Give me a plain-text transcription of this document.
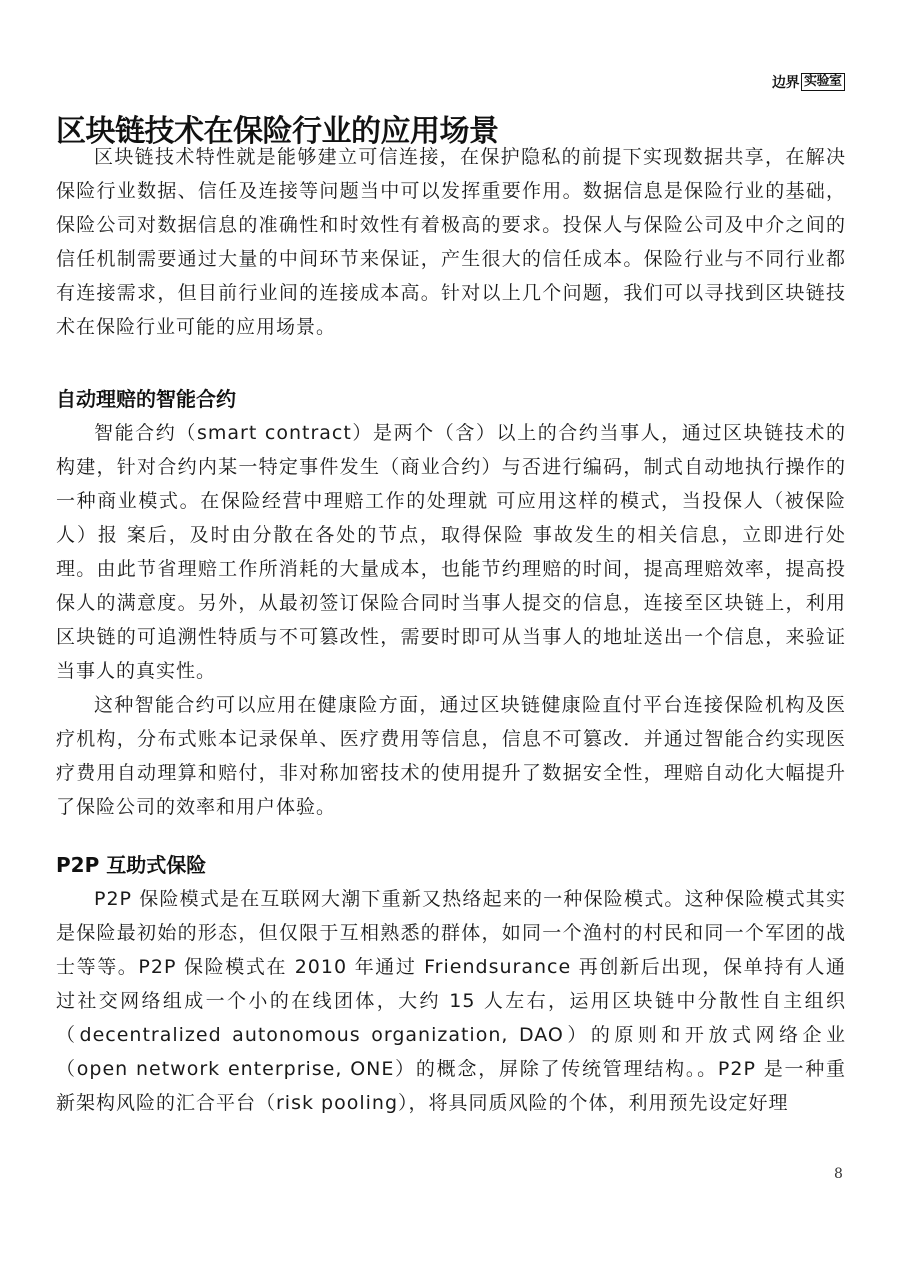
边界 实验室
区块链技术在保险行业的应用场景

区块链技术特性就是能够建立可信连接，在保护隐私的前提下实现数据共享，在解决保险行业数据、信任及连接等问题当中可以发挥重要作用。数据信息是保险行业的基础，保险公司对数据信息的准确性和时效性有着极高的要求。投保人与保险公司及中介之间的信任机制需要通过大量的中间环节来保证，产生很大的信任成本。保险行业与不同行业都有连接需求，但目前行业间的连接成本高。针对以上几个问题，我们可以寻找到区块链技术在保险行业可能的应用场景。

自动理赔的智能合约

智能合约（smart contract）是两个（含）以上的合约当事人，通过区块链技术的构建，针对合约内某一特定事件发生（商业合约）与否进行编码，制式自动地执行操作的一种商业模式。在保险经营中理赔工作的处理就 可应用这样的模式，当投保人（被保险人）报 案后，及时由分散在各处的节点，取得保险 事故发生的相关信息，立即进行处理。由此节省理赔工作所消耗的大量成本，也能节约理赔的时间，提高理赔效率，提高投保人的满意度。另外，从最初签订保险合同时当事人提交的信息，连接至区块链上，利用区块链的可追溯性特质与不可篡改性，需要时即可从当事人的地址送出一个信息，来验证当事人的真实性。

这种智能合约可以应用在健康险方面，通过区块链健康险直付平台连接保险机构及医疗机构，分布式账本记录保单、医疗费用等信息，信息不可篡改．并通过智能合约实现医疗费用自动理算和赔付，非对称加密技术的使用提升了数据安全性，理赔自动化大幅提升了保险公司的效率和用户体验。

P2P 互助式保险

P2P 保险模式是在互联网大潮下重新又热络起来的一种保险模式。这种保险模式其实是保险最初始的形态，但仅限于互相熟悉的群体，如同一个渔村的村民和同一个军团的战士等等。P2P 保险模式在 2010 年通过 Friendsurance 再创新后出现，保单持有人通过社交网络组成一个小的在线团体，大约 15 人左右，运用区块链中分散性自主组织（decentralized autonomous organization, DAO）的原则和开放式网络企业（open network enterprise, ONE）的概念，屏除了传统管理结构。。P2P 是一种重新架构风险的汇合平台（risk pooling），将具同质风险的个体，利用预先设定好理

8
